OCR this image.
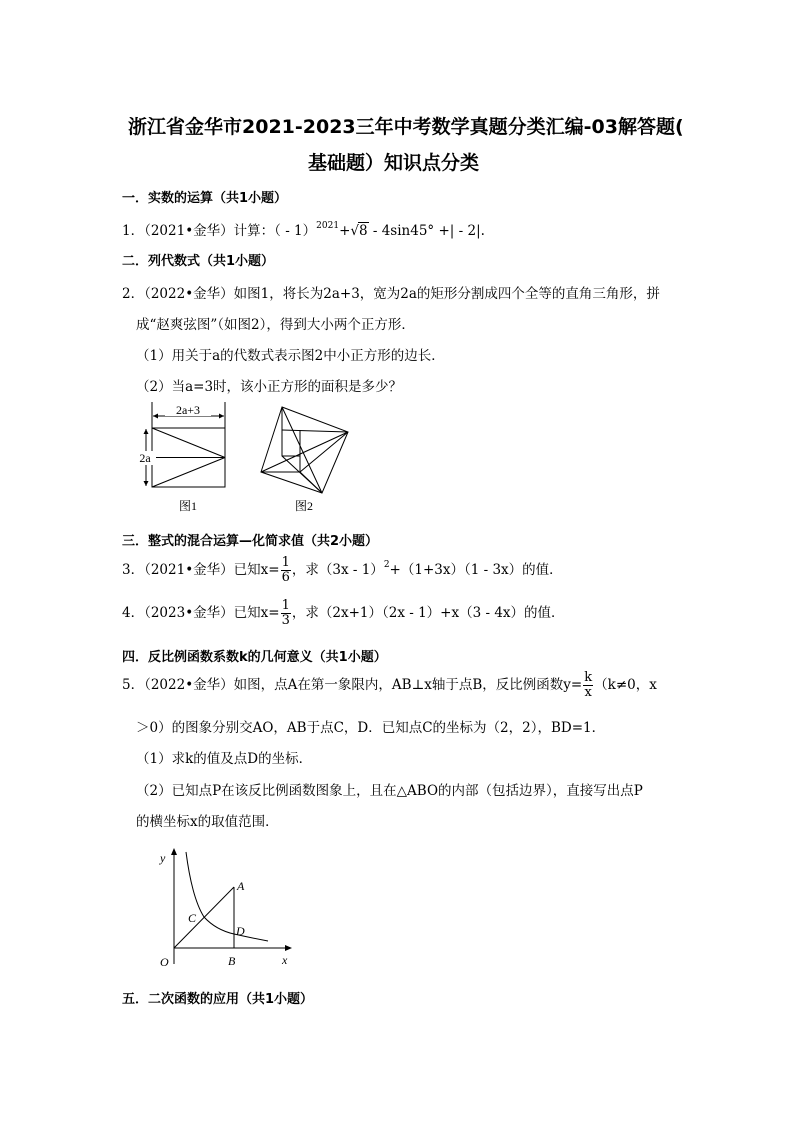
浙江省金华市2021-2023三年中考数学真题分类汇编-03解答题(
基础题）知识点分类
一．实数的运算（共1小题）
1．（2021•金华）计算：（ - 1）$^{2021}$+√8 - 4sin45° +| - 2|.
二．列代数式（共1小题）
2．（2022•金华）如图1，将长为2a+3，宽为2a的矩形分割成四个全等的直角三角形，拼
成“赵爽弦图”（如图2），得到大小两个正方形．
（1）用关于a的代数式表示图2中小正方形的边长．
（2）当a=3时，该小正方形的面积是多少？
2a+3
2a
图1	图2
三．整式的混合运算—化简求值（共2小题）
3．（2021•金华）已知$x= \frac{1}{6}$ ，求（3x - 1）$^2$+（1+3x）（1 - 3x）的值．
4．（2023•金华）已知$x= \frac{1}{3}$ ，求（2x+1）（2x - 1）+x（3 - 4x）的值．
四．反比例函数系数k的几何意义（共1小题）
5．（2022•金华）如图，点A在第一象限内，AB⊥x轴于点B，反比例函数$y= \frac{k}{x} (k\ne 0$，x
＞0）的图象分别交AO，AB于点C，D．已知点C的坐标为（2，2），BD=1．
（1）求k的值及点D的坐标．
（2）已知点P在该反比例函数图象上，且在△ABO的内部（包括边界），直接写出点P
的横坐标x的取值范围．
y
x
O
A
B
C
D
五．二次函数的应用（共1小题）
